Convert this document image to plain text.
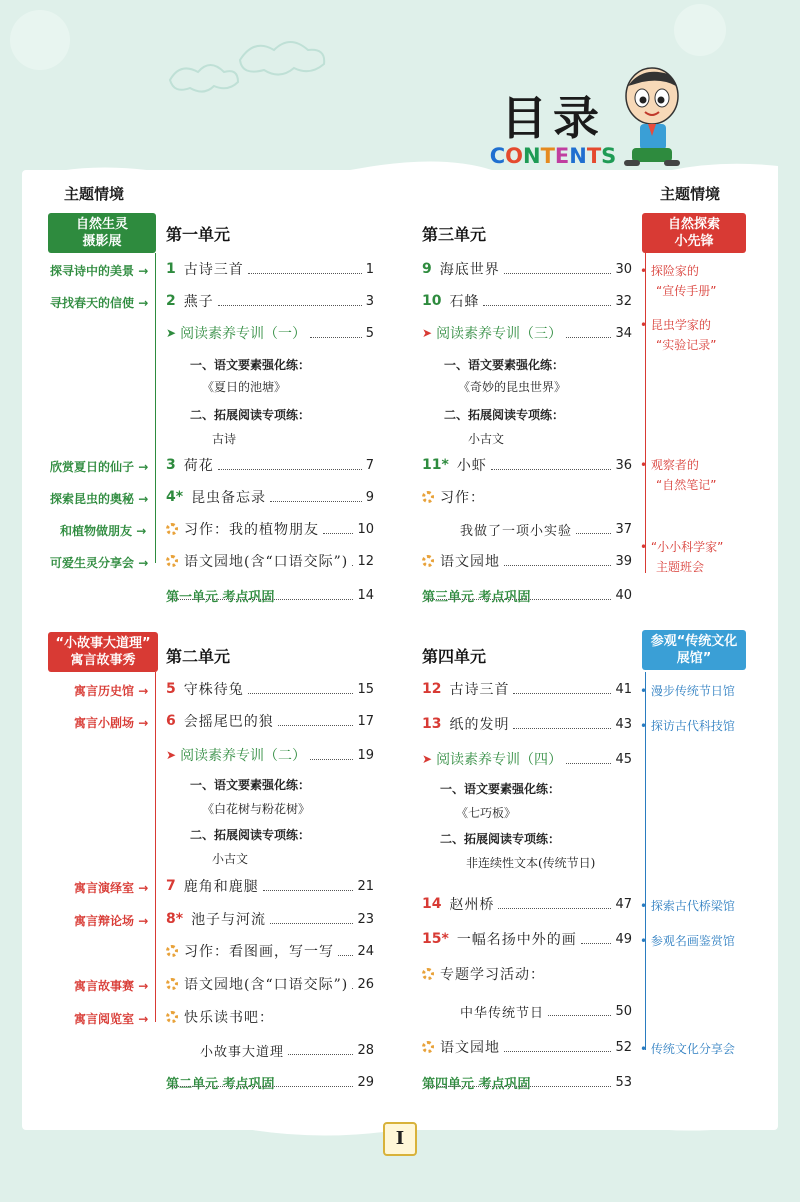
目录
CONTENTS
主题情境	主题情境
自然生灵
摄影展
“小故事大道理”
寓言故事秀
自然探索
小先锋
参观“传统文化
展馆”
第一单元
1 古诗三首	1
2 燕子	3
➤ 阅读素养专训（一）	5
一、语文要素强化练：
《夏日的池塘》
二、拓展阅读专项练：
古诗
3 荷花	7
4* 昆虫备忘录	9
习作：我的植物朋友	10
语文园地(含“口语交际”) 12
第一单元 考点巩固	14
探寻诗中的美景 →
寻找春天的信使 →
欣赏夏日的仙子 →
探索昆虫的奥秘 →
和植物做朋友 →
可爱生灵分享会 →
第二单元
5 守株待兔	15
6 会摇尾巴的狼	17
➤ 阅读素养专训（二）	19
一、语文要素强化练：
《白花树与粉花树》
二、拓展阅读专项练：
小古文
7 鹿角和鹿腿	21
8* 池子与河流	23
习作：看图画，写一写 24
语文园地(含“口语交际”) 26
快乐读书吧：
小故事大道理	28
第二单元 考点巩固	29
寓言历史馆 →
寓言小剧场 →
寓言演绎室 →
寓言辩论场 →
寓言故事赛 →
寓言阅览室 →
第三单元
9 海底世界	30
10 石蜂	32
➤ 阅读素养专训（三）	34
一、语文要素强化练：
《奇妙的昆虫世界》
二、拓展阅读专项练：
小古文
11* 小虾	36
习作：
我做了一项小实验	37
语文园地	39
第三单元 考点巩固	40
• 探险家的
“宣传手册”
• 昆虫学家的
“实验记录”
• 观察者的
“自然笔记”
• “小小科学家”
主题班会
第四单元
12 古诗三首	41
13 纸的发明	43
➤ 阅读素养专训（四）	45
一、语文要素强化练：
《七巧板》
二、拓展阅读专项练：
非连续性文本(传统节日)
14 赵州桥	47
15* 一幅名扬中外的画	49
专题学习活动：
中华传统节日	50
语文园地	52
第四单元 考点巩固	53
• 漫步传统节日馆
• 探访古代科技馆
• 探索古代桥梁馆
• 参观名画鉴赏馆
• 传统文化分享会
I
